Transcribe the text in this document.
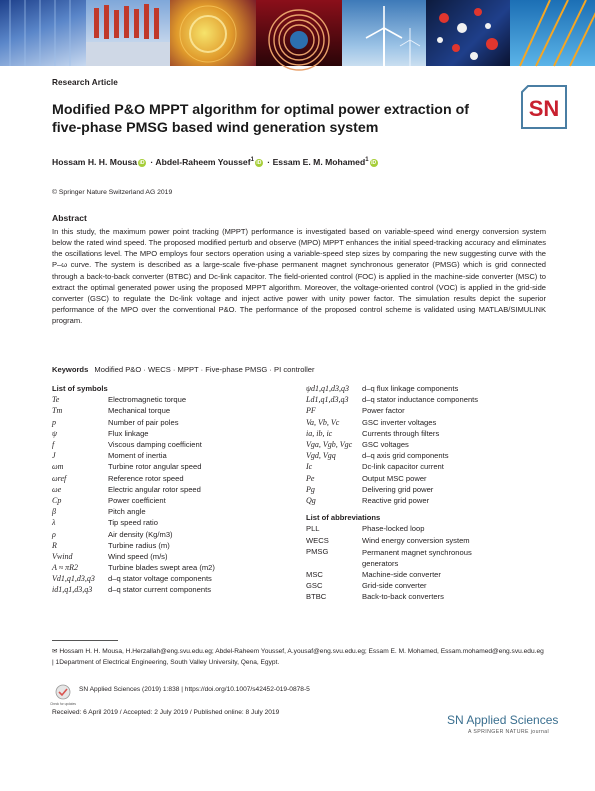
Research Article
SN
Modified P&O MPPT algorithm for optimal power extraction of five-phase PMSG based wind generation system
Hossam H. H. Mousa iD · Abdel-Raheem Youssef$^1$ iD · Essam E. M. Mohamed$^1$ iD
© Springer Nature Switzerland AG 2019
Abstract

In this study, the maximum power point tracking (MPPT) performance is investigated based on variable-speed wind energy conversion system below the rated wind speed. The proposed modified perturb and observe (MPO) MPPT enhances the initial speed-tracking accuracy and eliminates the oscillations level. The MPO employs four sectors operation using a variable-speed step sizes by comparing the new suggesting curve with the P–ω curve. The system is described as a large-scale five-phase permanent magnet synchronous generator (PMSG) which is grid connected through a back-to-back converter (BTBC) and Dc-link capacitor. The field-oriented control (FOC) is applied in the machine-side converter (MSC) to extract the optimal generated power using the proposed MPPT algorithm. Moreover, the voltage-oriented control (VOC) is applied in the grid-side converter (GSC) to regulate the Dc-link voltage and inject active power with unity power factor. The simulation results depict the superior performance of the MPO over the conventional P&O. The performance of the proposed control scheme is validated using MATLAB/SIMULINK program.

Keywords Modified P&O · WECS · MPPT · Five-phase PMSG · PI controller
List of symbols
Te	Electromagnetic torque
Tm	Mechanical torque
p	Number of pair poles
ψ	Flux linkage
f	Viscous damping coefficient
J	Moment of inertia
ωm	Turbine rotor angular speed
ωref	Reference rotor speed
ωe	Electric angular rotor speed
Cp	Power coefficient
β	Pitch angle
λ	Tip speed ratio
ρ	Air density (Kg/m3)
R	Turbine radius (m)
Vwind	Wind speed (m/s)
A ≈ πR2	Turbine blades swept area (m2)
Vd1,q1,d3,q3	d–q stator voltage components
id1,q1,d3,q3	d–q stator current components
ψd1,q1,d3,q3	d–q flux linkage components
Ld1,q1,d3,q3	d–q stator inductance components
PF	Power factor
Va, Vb, Vc	GSC inverter voltages
ia, ib, ic	Currents through filters
Vga, Vgb, Vgc	GSC voltages
Vgd, Vgq	d–q axis grid components
Ic	Dc-link capacitor current
Pe	Output MSC power
Pg	Delivering grid power
Qg	Reactive grid power
List of abbreviations
PLL	Phase-locked loop
WECS	Wind energy conversion system
PMSG	Permanent magnet synchronous generators
MSC	Machine-side converter
GSC	Grid-side converter
BTBC	Back-to-back converters

✉ Hossam H. H. Mousa, H.Herzallah@eng.svu.edu.eg; Abdel-Raheem Youssef, A.yousaf@eng.svu.edu.eg; Essam E. M. Mohamed, Essam.mohamed@eng.svu.edu.eg | 1Department of Electrical Engineering, South Valley University, Qena, Egypt.

Check for updates
SN Applied Sciences (2019) 1:838 | https://doi.org/10.1007/s42452-019-0878-5
Received: 6 April 2019 / Accepted: 2 July 2019 / Published online: 8 July 2019
SN Applied Sciences
A SPRINGER NATURE journal
